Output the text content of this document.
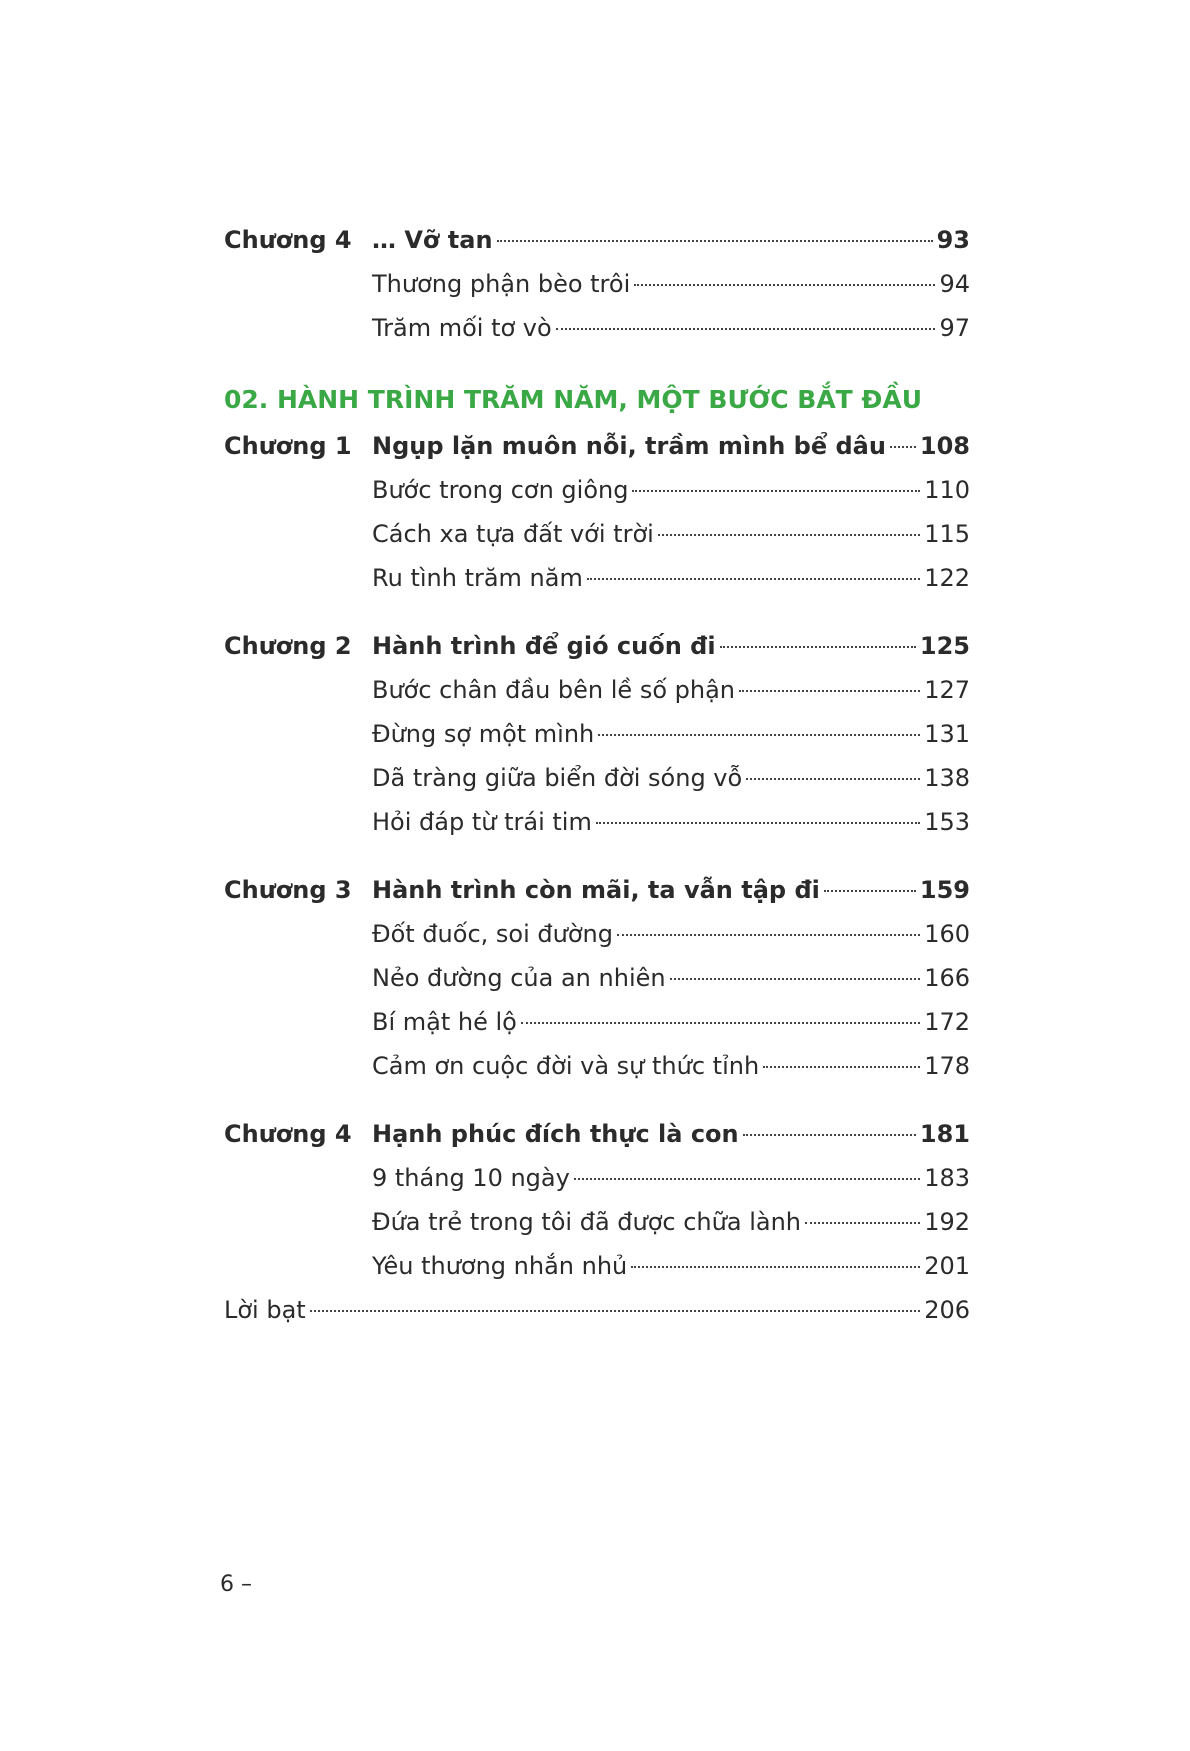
Chương 4 … Vỡ tan	93
Thương phận bèo trôi	94
Trăm mối tơ vò	97
02. HÀNH TRÌNH TRĂM NĂM, MỘT BƯỚC BẮT ĐẦU
Chương 1 Ngụp lặn muôn nỗi, trầm mình bể dâu 108
Bước trong cơn giông	110
Cách xa tựa đất với trời	115
Ru tình trăm năm	122
Chương 2 Hành trình để gió cuốn đi	125
Bước chân đầu bên lề số phận	127
Đừng sợ một mình	131
Dã tràng giữa biển đời sóng vỗ	138
Hỏi đáp từ trái tim	153
Chương 3 Hành trình còn mãi, ta vẫn tập đi	159
Đốt đuốc, soi đường	160
Nẻo đường của an nhiên	166
Bí mật hé lộ	172
Cảm ơn cuộc đời và sự thức tỉnh	178
Chương 4 Hạnh phúc đích thực là con	181
9 tháng 10 ngày	183
Đứa trẻ trong tôi đã được chữa lành	192
Yêu thương nhắn nhủ	201
Lời bạt	206
6 –
